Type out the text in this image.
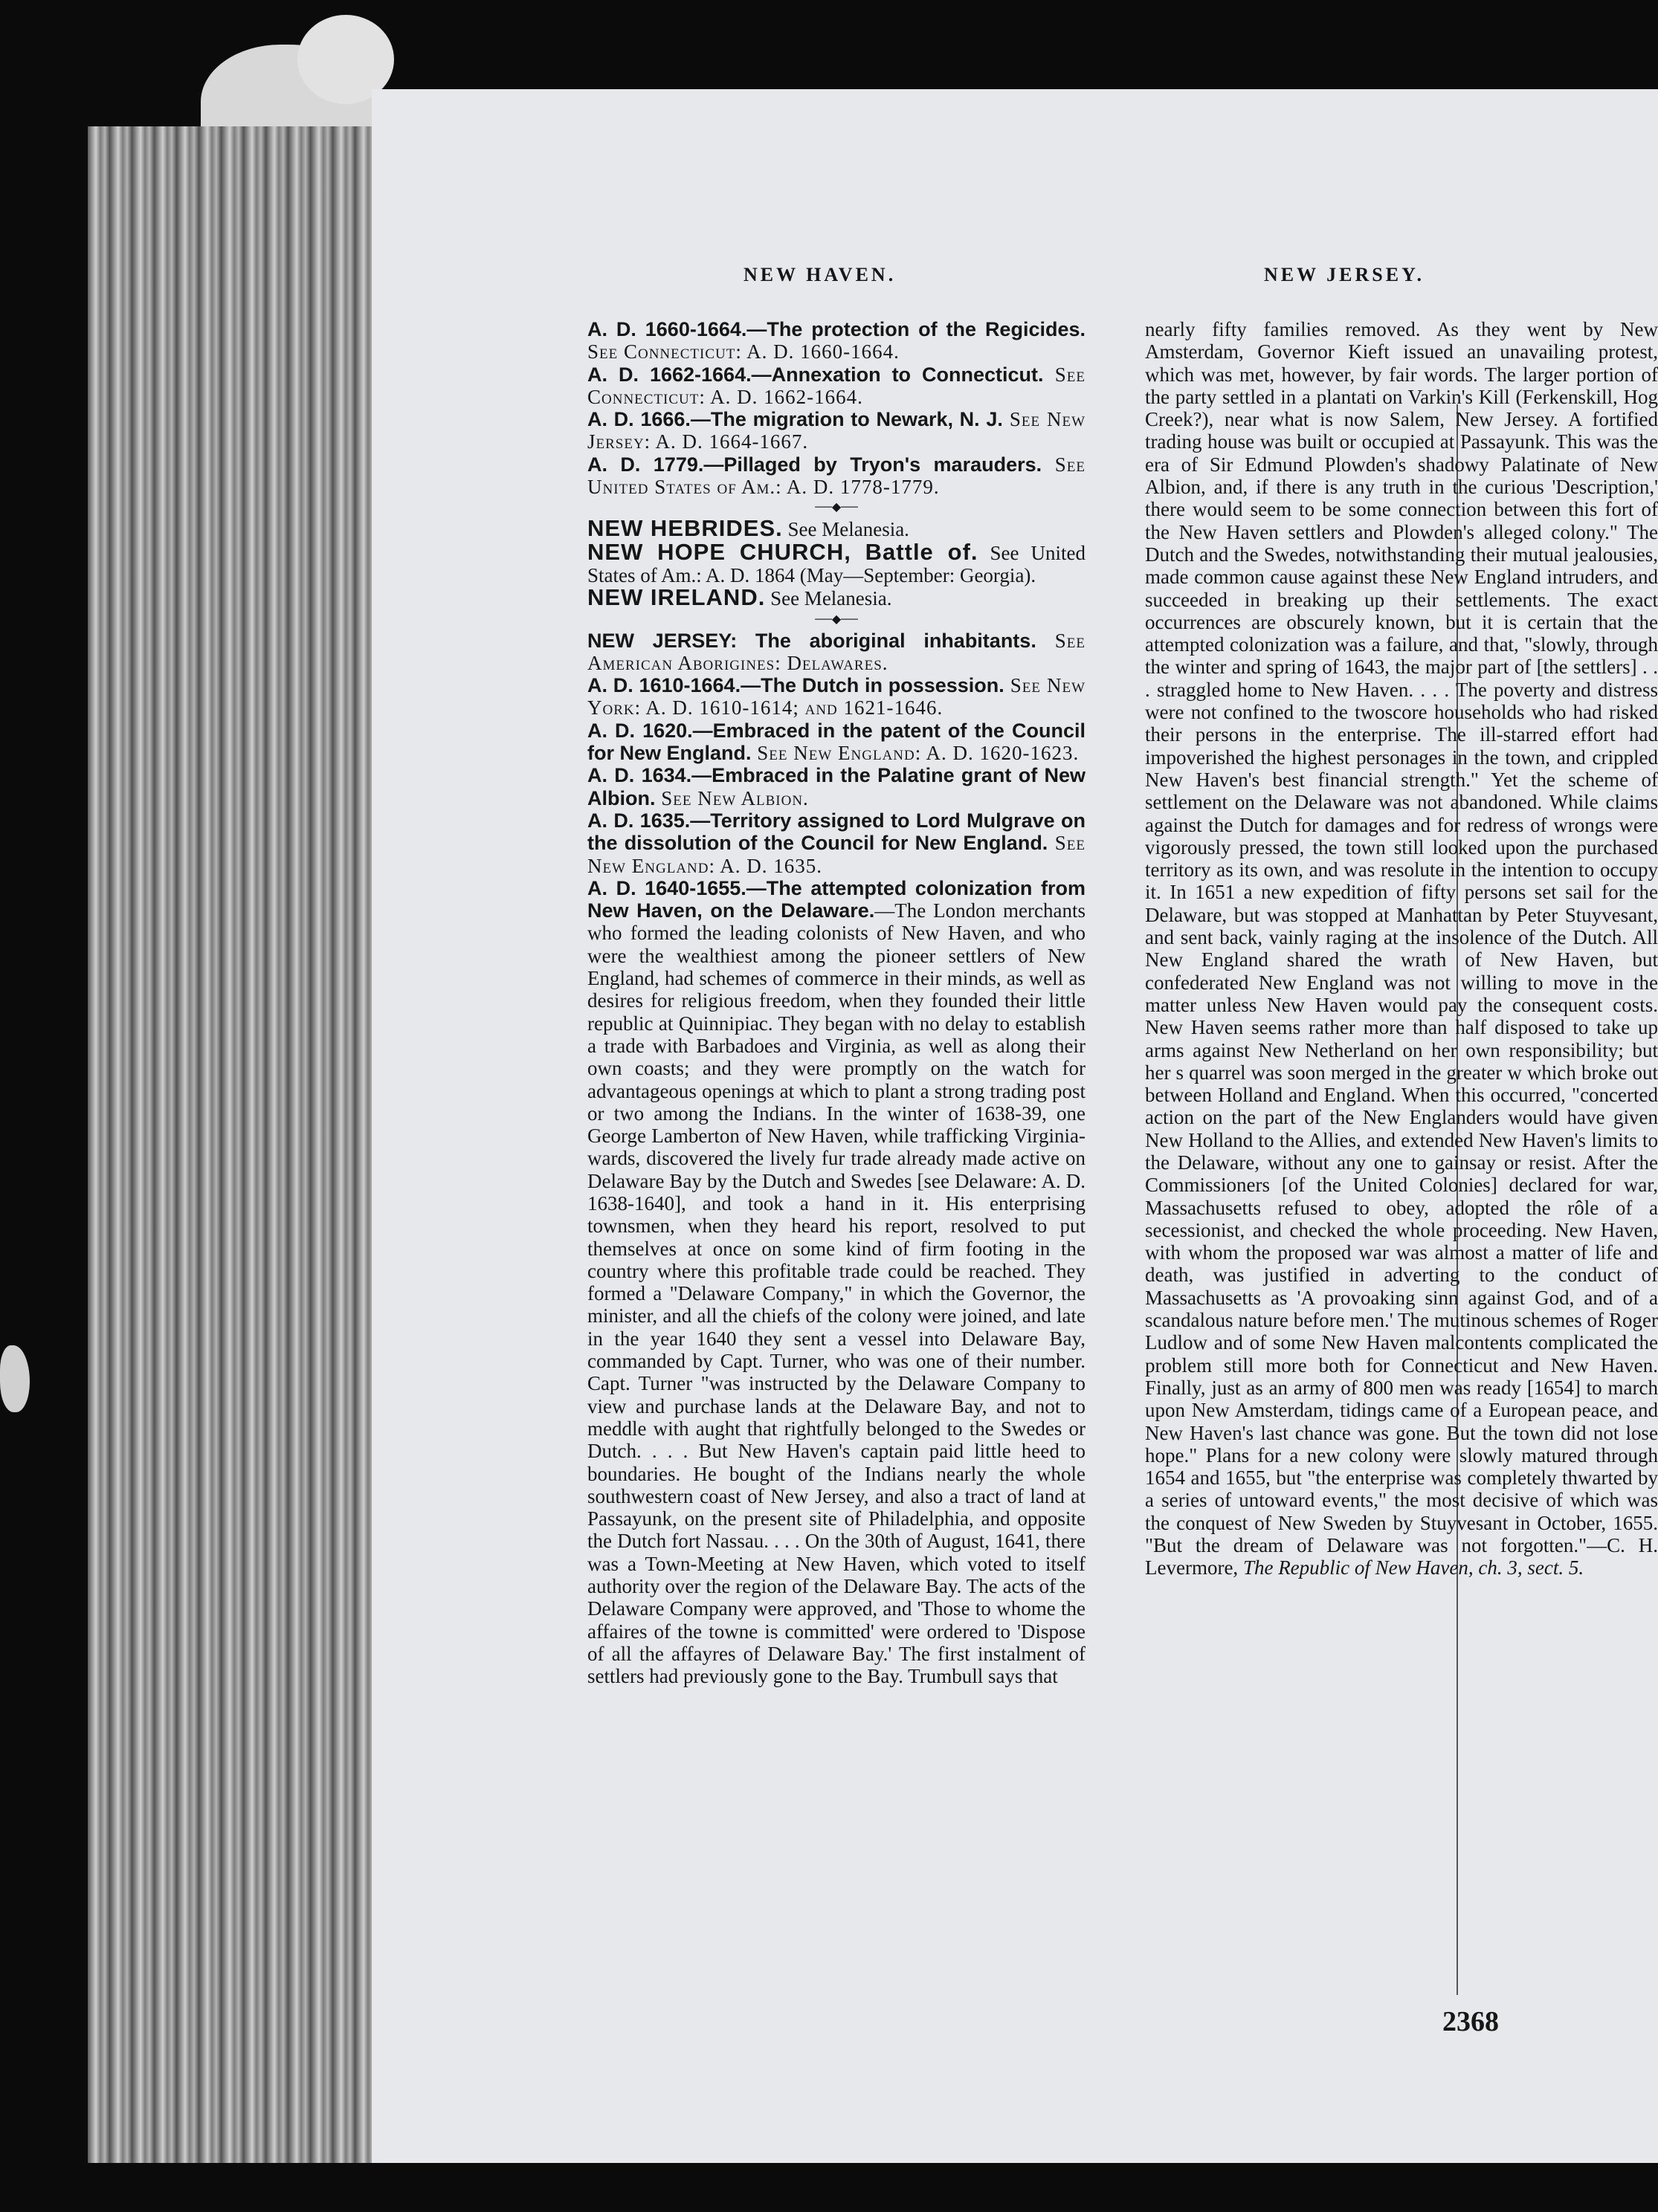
NEW HAVEN.	NEW JERSEY.

A. D. 1660-1664.—The protection of the Regicides. See Connecticut: A. D. 1660-1664.

A. D. 1662-1664.—Annexation to Connecticut. See Connecticut: A. D. 1662-1664.

A. D. 1666.—The migration to Newark, N. J. See New Jersey: A. D. 1664-1667.

A. D. 1779.—Pillaged by Tryon's marauders. See United States of Am.: A. D. 1778-1779.

──◆──

NEW HEBRIDES. See Melanesia.

NEW HOPE CHURCH, Battle of. See United States of Am.: A. D. 1864 (May—September: Georgia).

NEW IRELAND. See Melanesia.

──◆──

NEW JERSEY: The aboriginal inhabitants. See American Aborigines: Delawares.

A. D. 1610-1664.—The Dutch in possession. See New York: A. D. 1610-1614; and 1621-1646.

A. D. 1620.—Embraced in the patent of the Council for New England. See New England: A. D. 1620-1623.

A. D. 1634.—Embraced in the Palatine grant of New Albion. See New Albion.

A. D. 1635.—Territory assigned to Lord Mulgrave on the dissolution of the Council for New England. See New England: A. D. 1635.

A. D. 1640-1655.—The attempted colonization from New Haven, on the Delaware.—The London merchants who formed the leading colonists of New Haven, and who were the wealthiest among the pioneer settlers of New England, had schemes of commerce in their minds, as well as desires for religious freedom, when they founded their little republic at Quinnipiac. They began with no delay to establish a trade with Barbadoes and Virginia, as well as along their own coasts; and they were promptly on the watch for advantageous openings at which to plant a strong trading post or two among the Indians. In the winter of 1638-39, one George Lamberton of New Haven, while trafficking Virginia-wards, discovered the lively fur trade already made active on Delaware Bay by the Dutch and Swedes [see Delaware: A. D. 1638-1640], and took a hand in it. His enterprising townsmen, when they heard his report, resolved to put themselves at once on some kind of firm footing in the country where this profitable trade could be reached. They formed a "Delaware Company," in which the Governor, the minister, and all the chiefs of the colony were joined, and late in the year 1640 they sent a vessel into Delaware Bay, commanded by Capt. Turner, who was one of their number. Capt. Turner "was instructed by the Delaware Company to view and purchase lands at the Delaware Bay, and not to meddle with aught that rightfully belonged to the Swedes or Dutch. . . . But New Haven's captain paid little heed to boundaries. He bought of the Indians nearly the whole southwestern coast of New Jersey, and also a tract of land at Passayunk, on the present site of Philadelphia, and opposite the Dutch fort Nassau. . . . On the 30th of August, 1641, there was a Town-Meeting at New Haven, which voted to itself authority over the region of the Delaware Bay. The acts of the Delaware Company were approved, and 'Those to whome the affaires of the towne is committed' were ordered to 'Dispose of all the affayres of Delaware Bay.' The first instalment of settlers had previously gone to the Bay. Trumbull says that

nearly fifty families removed. As they went by New Amsterdam, Governor Kieft issued an unavailing protest, which was met, however, by fair words. The larger portion of the party settled in a plantati on Varkin's Kill (Ferkenskill, Hog Creek?), near what is now Salem, New Jersey. A fortified trading house was built or occupied at Passayunk. This was the era of Sir Edmund Plowden's shadowy Palatinate of New Albion, and, if there is any truth in the curious 'Description,' there would seem to be some connection between this fort of the New Haven settlers and Plowden's alleged colony." The Dutch and the Swedes, notwithstanding their mutual jealousies, made common cause against these New England intruders, and succeeded in breaking up their settlements. The exact occurrences are obscurely known, but it is certain that the attempted colonization was a failure, and that, "slowly, through the winter and spring of 1643, the major part of [the settlers] . . . straggled home to New Haven. . . . The poverty and distress were not confined to the twoscore households who had risked their persons in the enterprise. The ill-starred effort had impoverished the highest personages in the town, and crippled New Haven's best financial strength." Yet the scheme of settlement on the Delaware was not abandoned. While claims against the Dutch for damages and for redress of wrongs were vigorously pressed, the town still looked upon the purchased territory as its own, and was resolute in the intention to occupy it. In 1651 a new expedition of fifty persons set sail for the Delaware, but was stopped at Manhattan by Peter Stuyvesant, and sent back, vainly raging at the insolence of the Dutch. All New England shared the wrath of New Haven, but confederated New England was not willing to move in the matter unless New Haven would pay the consequent costs. New Haven seems rather more than half disposed to take up arms against New Netherland on her own responsibility; but her s quarrel was soon merged in the greater w which broke out between Holland and England. When this occurred, "concerted action on the part of the New Englanders would have given New Holland to the Allies, and extended New Haven's limits to the Delaware, without any one to gainsay or resist. After the Commissioners [of the United Colonies] declared for war, Massachusetts refused to obey, adopted the rôle of a secessionist, and checked the whole proceeding. New Haven, with whom the proposed war was almost a matter of life and death, was justified in adverting to the conduct of Massachusetts as 'A provoaking sinn against God, and of a scandalous nature before men.' The mutinous schemes of Roger Ludlow and of some New Haven malcontents complicated the problem still more both for Connecticut and New Haven. Finally, just as an army of 800 men was ready [1654] to march upon New Amsterdam, tidings came of a European peace, and New Haven's last chance was gone. But the town did not lose hope." Plans for a new colony were slowly matured through 1654 and 1655, but "the enterprise was completely thwarted by a series of untoward events," the most decisive of which was the conquest of New Sweden by Stuyvesant in October, 1655. "But the dream of Delaware was not forgotten."—C. H. Levermore, The Republic of New Haven, ch. 3, sect. 5.

2368
